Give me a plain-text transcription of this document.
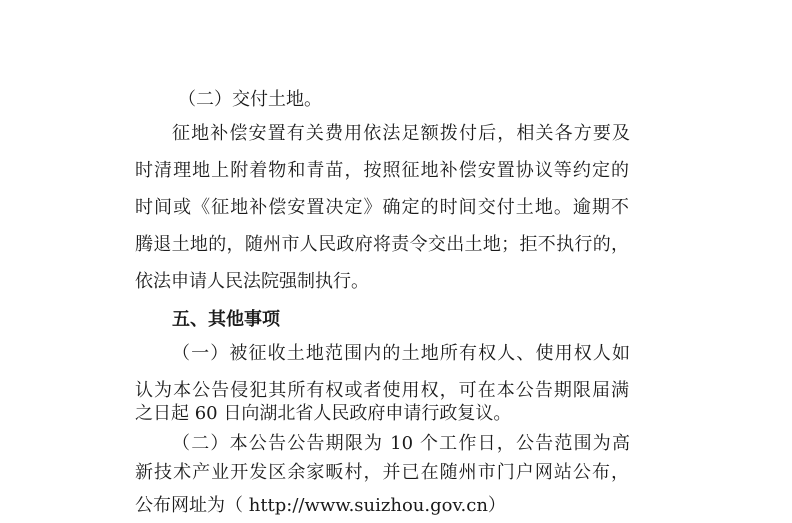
（二）交付土地。
征地补偿安置有关费用依法足额拨付后，相关各方要及
时清理地上附着物和青苗，按照征地补偿安置协议等约定的
时间或《征地补偿安置决定》确定的时间交付土地。逾期不
腾退土地的，随州市人民政府将责令交出土地；拒不执行的，
依法申请人民法院强制执行。
五、其他事项
（一）被征收土地范围内的土地所有权人、使用权人如
认为本公告侵犯其所有权或者使用权，可在本公告期限届满
之日起 60 日向湖北省人民政府申请行政复议。
（二）本公告公告期限为 10 个工作日，公告范围为高
新技术产业开发区余家畈村，并已在随州市门户网站公布，
公布网址为（ http://www.suizhou.gov.cn）
